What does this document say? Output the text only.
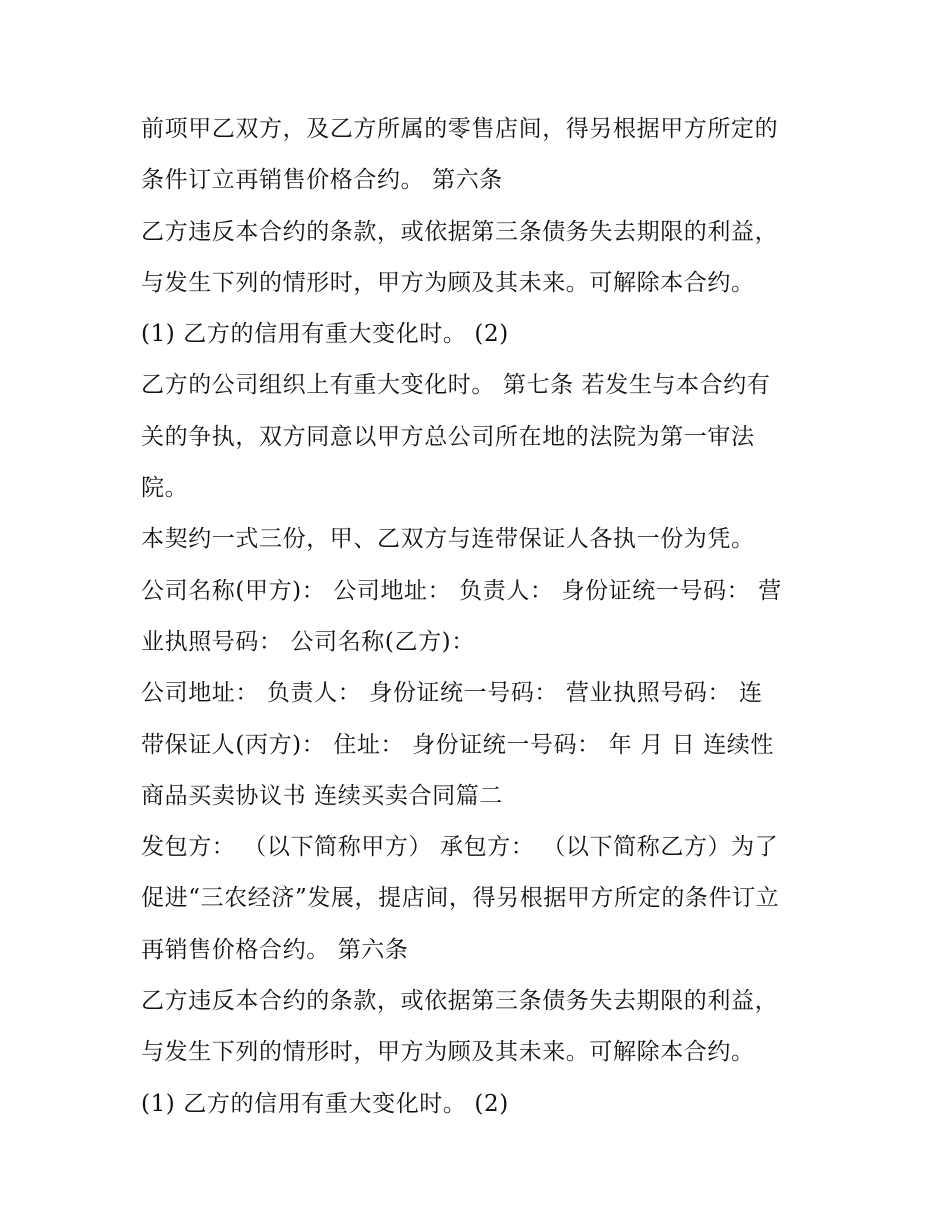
前项甲乙双方，及乙方所属的零售店间，得另根据甲方所定的
条件订立再销售价格合约。 第六条
乙方违反本合约的条款，或依据第三条债务失去期限的利益，
与发生下列的情形时，甲方为顾及其未来。可解除本合约。
(1) 乙方的信用有重大变化时。 (2)
乙方的公司组织上有重大变化时。 第七条 若发生与本合约有
关的争执，双方同意以甲方总公司所在地的法院为第一审法
院。
本契约一式三份，甲、乙双方与连带保证人各执一份为凭。
公司名称(甲方)： 公司地址： 负责人： 身份证统一号码： 营
业执照号码： 公司名称(乙方)：
公司地址： 负责人： 身份证统一号码： 营业执照号码： 连
带保证人(丙方)： 住址： 身份证统一号码： 年 月 日 连续性
商品买卖协议书 连续买卖合同篇二
发包方： （以下简称甲方） 承包方： （以下简称乙方）为了
促进“三农经济”发展，提店间，得另根据甲方所定的条件订立
再销售价格合约。 第六条
乙方违反本合约的条款，或依据第三条债务失去期限的利益，
与发生下列的情形时，甲方为顾及其未来。可解除本合约。
(1) 乙方的信用有重大变化时。 (2)
